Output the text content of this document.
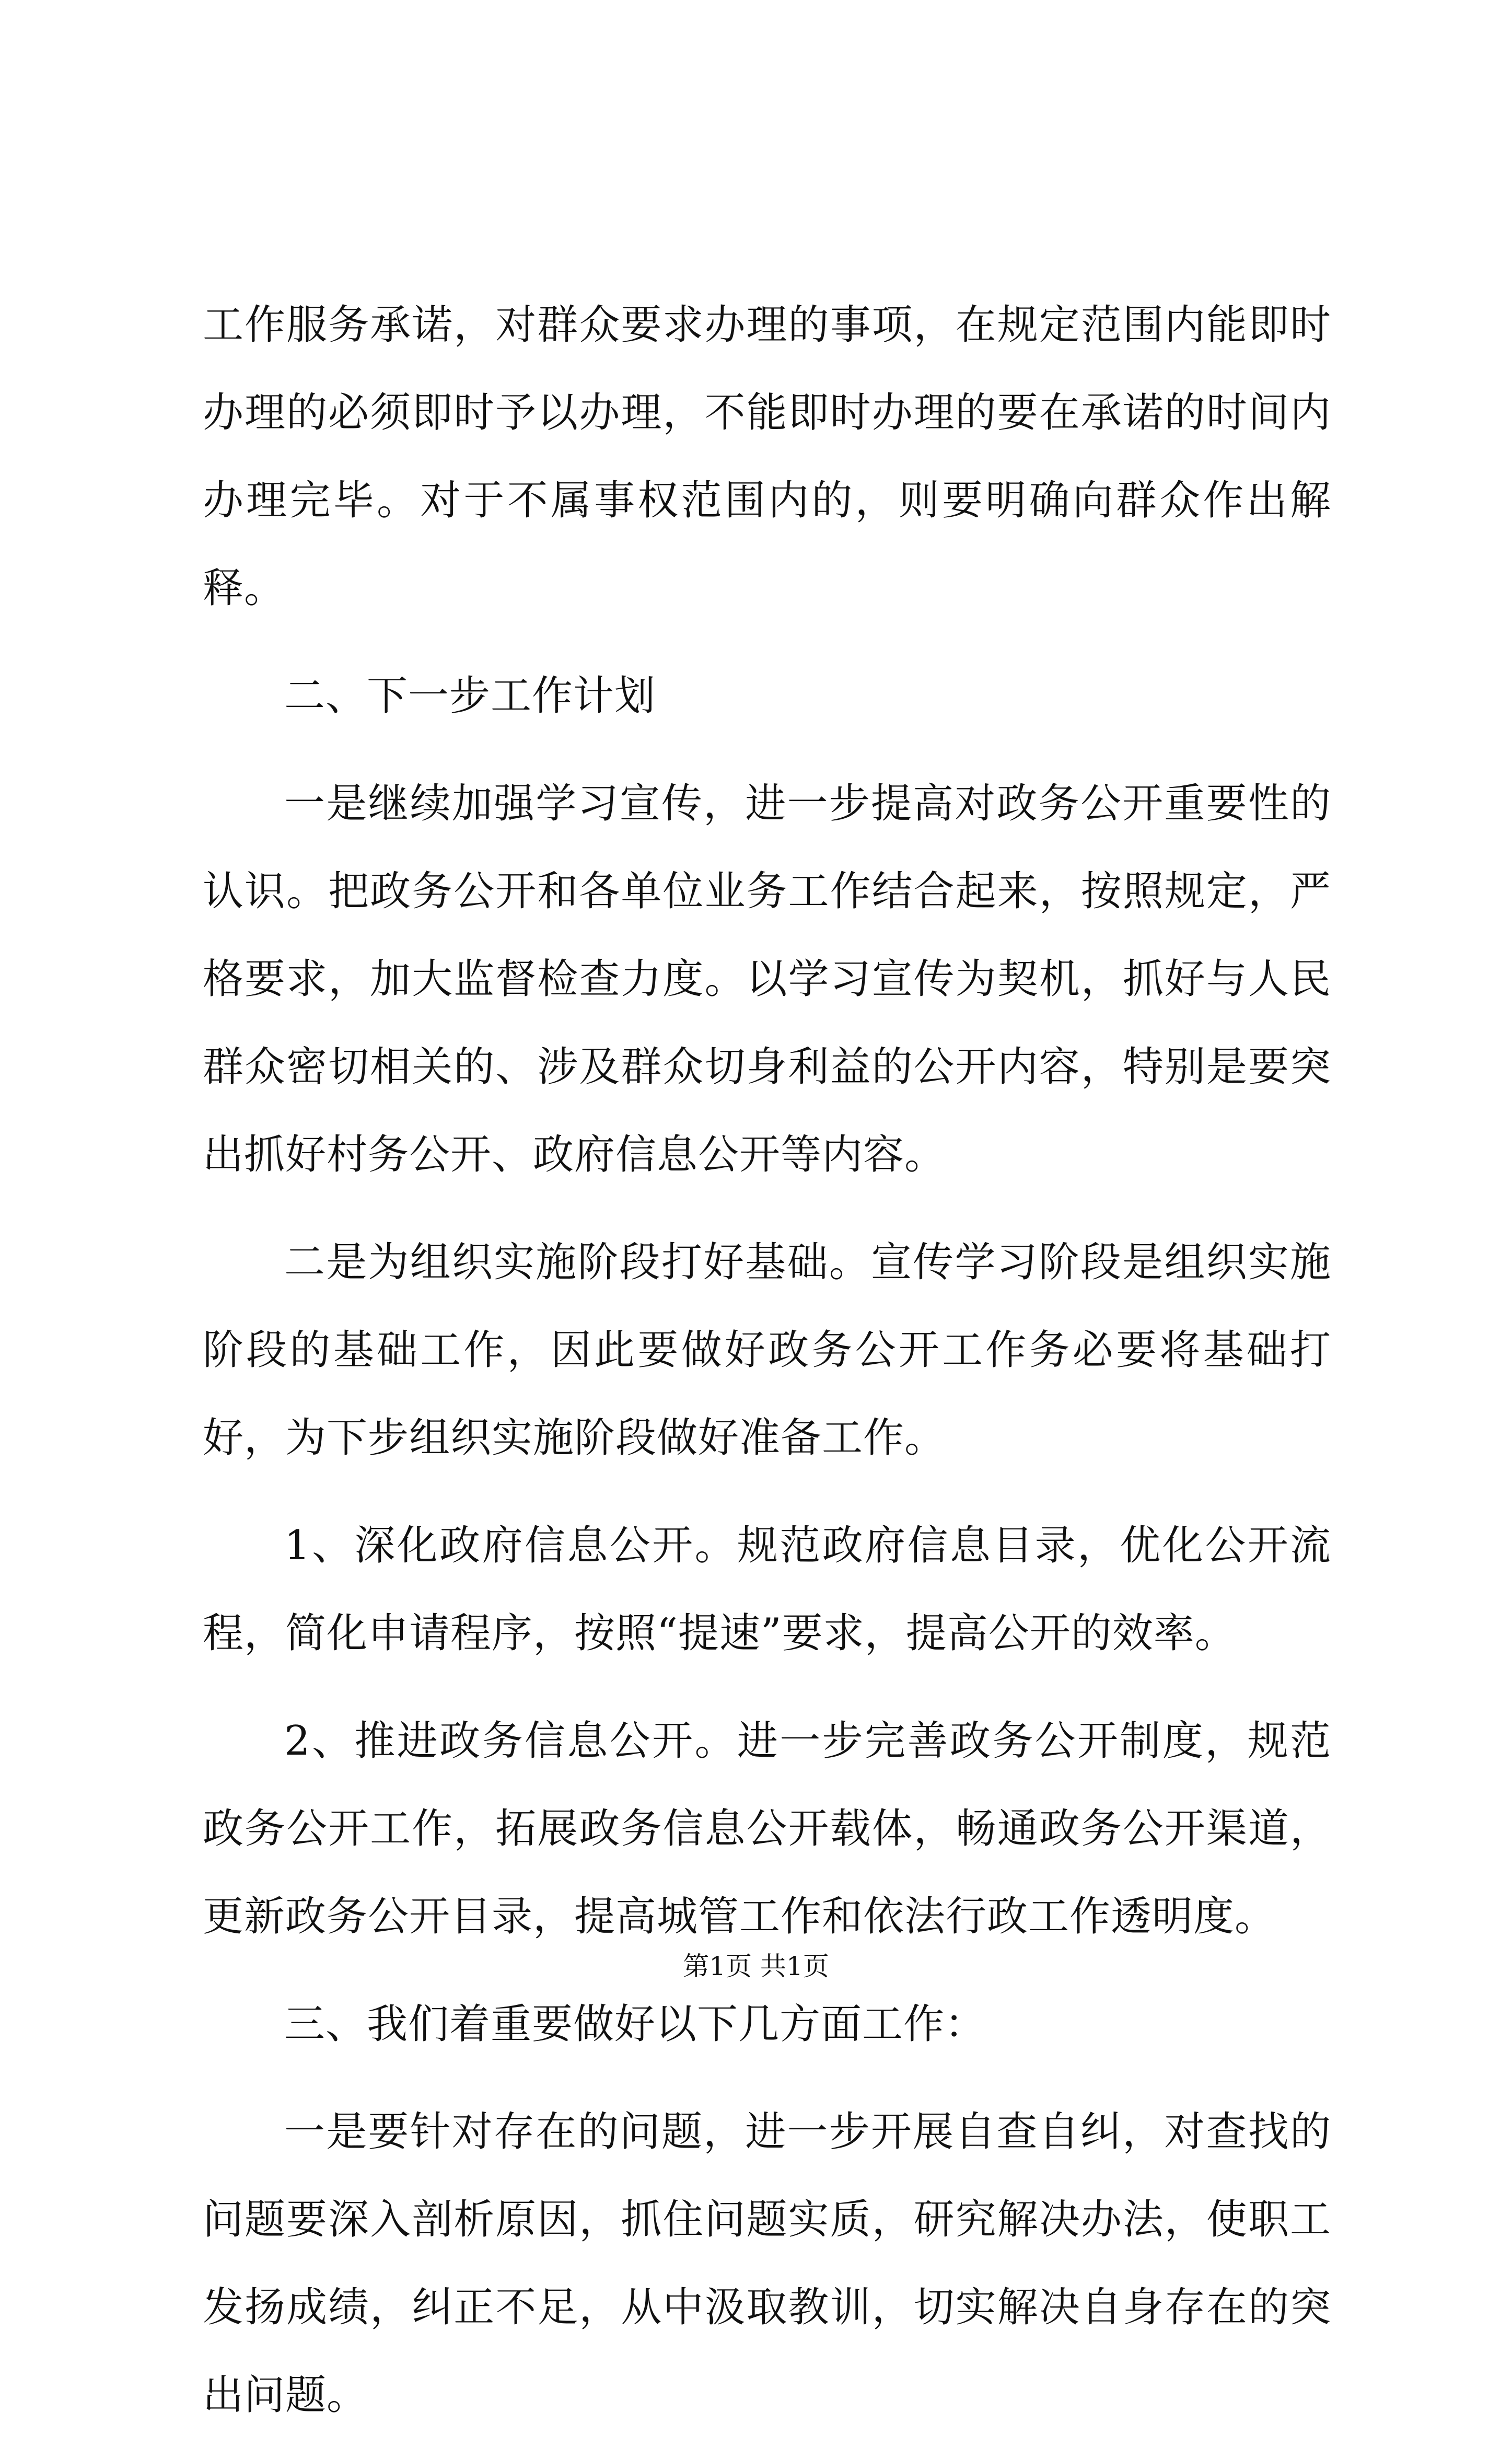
工作服务承诺，对群众要求办理的事项，在规定范围内能即时办理的必须即时予以办理，不能即时办理的要在承诺的时间内办理完毕。对于不属事权范围内的，则要明确向群众作出解释。

二、下一步工作计划

一是继续加强学习宣传，进一步提高对政务公开重要性的认识。把政务公开和各单位业务工作结合起来，按照规定，严格要求，加大监督检查力度。以学习宣传为契机，抓好与人民群众密切相关的、涉及群众切身利益的公开内容，特别是要突出抓好村务公开、政府信息公开等内容。

二是为组织实施阶段打好基础。宣传学习阶段是组织实施阶段的基础工作，因此要做好政务公开工作务必要将基础打好，为下步组织实施阶段做好准备工作。

1、深化政府信息公开。规范政府信息目录，优化公开流程，简化申请程序，按照“提速”要求，提高公开的效率。

2、推进政务信息公开。进一步完善政务公开制度，规范政务公开工作，拓展政务信息公开载体，畅通政务公开渠道，更新政务公开目录，提高城管工作和依法行政工作透明度。

三、我们着重要做好以下几方面工作：

一是要针对存在的问题，进一步开展自查自纠，对查找的问题要深入剖析原因，抓住问题实质，研究解决办法，使职工发扬成绩，纠正不足，从中汲取教训，切实解决自身存在的突出问题。

第1页 共1页
